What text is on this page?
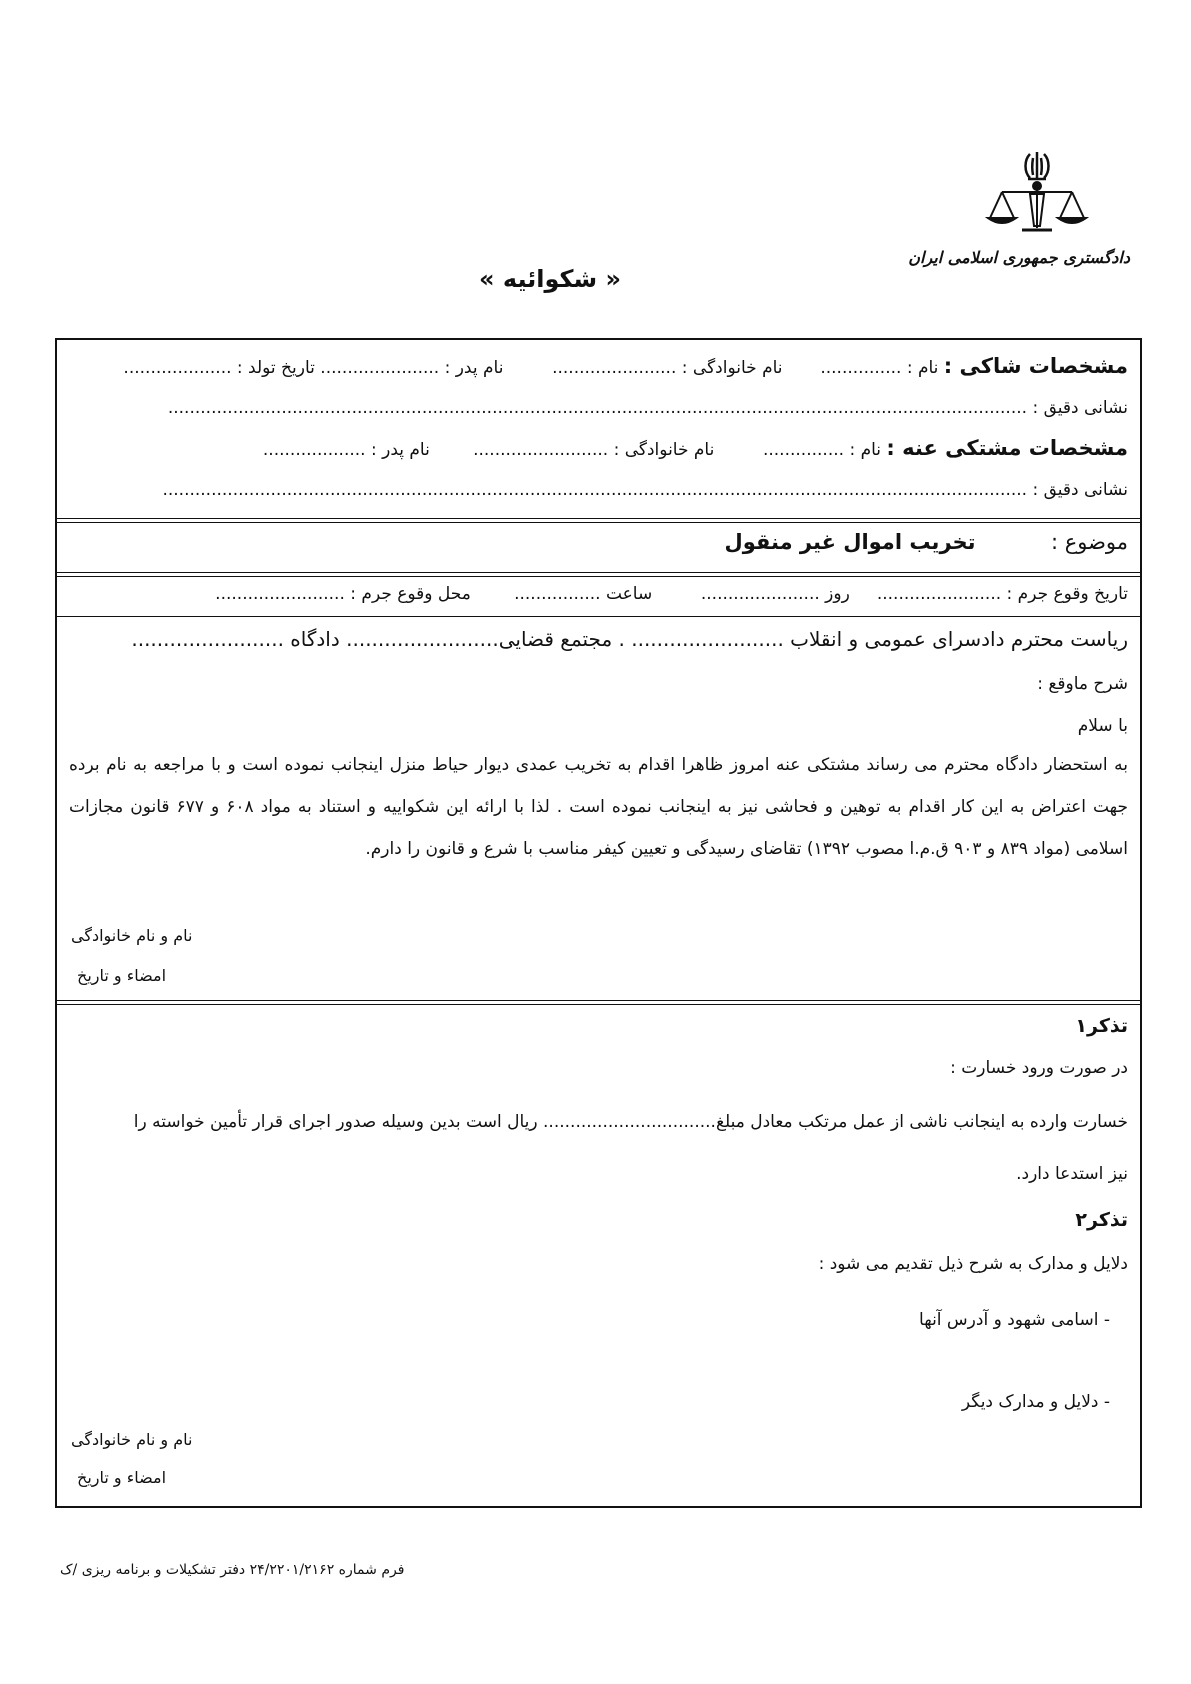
دادگستری جمهوری اسلامی ایران
« شکوائیه »
مشخصات شاکی : نام : ...............       نام خانوادگی : .......................         نام پدر : ...................... تاریخ تولد : ....................
نشانی دقیق : ...............................................................................................................................................................
مشخصات مشتکی عنه : نام : ...............         نام خانوادگی : .........................        نام پدر : ...................
نشانی دقیق : ................................................................................................................................................................
موضوع : تخریب اموال غیر منقول
تاریخ وقوع جرم : .......................     روز ......................         ساعت ................        محل وقوع جرم : ........................
ریاست محترم دادسرای عمومی و انقلاب ........................ . مجتمع قضایی........................ دادگاه ........................
شرح ماوقع :
با سلام
به استحضار دادگاه محترم می رساند مشتکی عنه امروز ظاهرا اقدام به تخریب عمدی دیوار حیاط منزل اینجانب نموده است و با مراجعه به نام برده جهت اعتراض به این کار اقدام به توهین و فحاشی نیز به اینجانب نموده است . لذا با ارائه این شکواییه و استناد به مواد ۶۰۸ و ۶۷۷ قانون مجازات اسلامی (مواد ۸۳۹ و ۹۰۳ ق.م.ا مصوب ۱۳۹۲) تقاضای رسیدگی و تعیین کیفر مناسب با شرع و قانون را دارم.
نام و نام خانوادگی
امضاء و تاریخ
تذکر۱
در صورت ورود خسارت :
خسارت وارده به اینجانب ناشی از عمل مرتکب معادل مبلغ................................ ریال است بدین وسیله صدور اجرای قرار تأمین خواسته را
نیز استدعا دارد.
تذکر۲
دلایل و مدارک به شرح ذیل تقدیم می شود :
- اسامی شهود و آدرس آنها
- دلایل و مدارک دیگر
نام و نام خانوادگی
امضاء و تاریخ
فرم شماره ۲۴/۲۲۰۱/۲۱۶۲ دفتر تشکیلات و برنامه ریزی /ک
